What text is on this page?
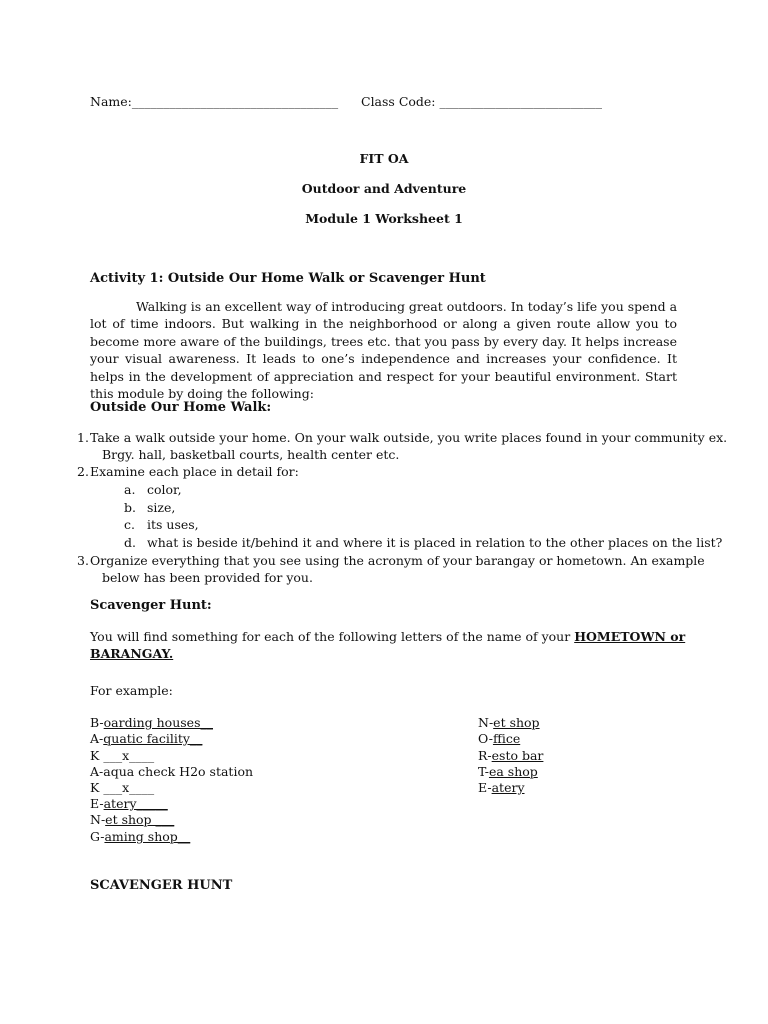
Name:_________________________________ Class Code: __________________________
FIT OA
Outdoor and Adventure
Module 1 Worksheet 1
Activity 1: Outside Our Home Walk or Scavenger Hunt
Walking is an excellent way of introducing great outdoors. In today’s life you spend a lot of time indoors. But walking in the neighborhood or along a given route allow you to become more aware of the buildings, trees etc. that you pass by every day. It helps increase your visual awareness. It leads to one’s independence and increases your confidence. It helps in the development of appreciation and respect for your beautiful environment. Start this module by doing the following:
Outside Our Home Walk:
1. Take a walk outside your home. On your walk outside, you write places found in your community ex.
Brgy. hall, basketball courts, health center etc.
2. Examine each place in detail for:
a. color,
b. size,
c. its uses,
d. what is beside it/behind it and where it is placed in relation to the other places on the list?
3. Organize everything that you see using the acronym of your barangay or hometown. An example
below has been provided for you.
Scavenger Hunt:
You will find something for each of the following letters of the name of your HOMETOWN or
BARANGAY.
For example:
B-oarding houses__
A-quatic facility__
K ___x____
A-aqua check H2o station
K ___x____
E-atery_____
N-et shop ___
G-aming shop__
N-et shop
O-ffice
R-esto bar
T-ea shop
E-atery
SCAVENGER HUNT
